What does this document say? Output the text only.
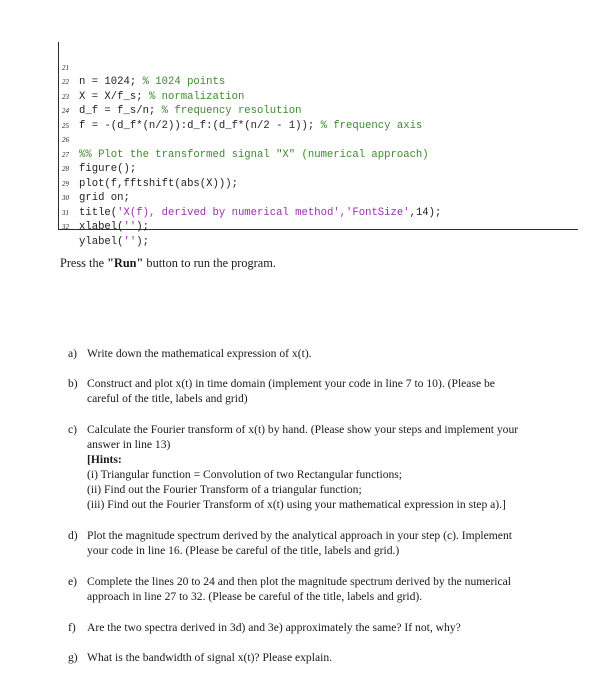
21

n = 1024; % 1024 points

22

X = X/f_s; % normalization

23

d_f = f_s/n; % frequency resolution

24

f = -(d_f*(n/2)):d_f:(d_f*(n/2 - 1)); % frequency axis

25

26

%% Plot the transformed signal "X" (numerical approach)

27

figure();

28

plot(f,fftshift(abs(X)));

29

grid on;

30

title('X(f), derived by numerical method','FontSize',14);

31

xlabel('');

32

ylabel('');

Press the "Run" button to run the program.
a) Write down the mathematical expression of x(t).
b) Construct and plot x(t) in time domain (implement your code in line 7 to 10). (Please be
careful of the title, labels and grid)
c) Calculate the Fourier transform of x(t) by hand. (Please show your steps and implement your
answer in line 13)
[Hints:
(i) Triangular function = Convolution of two Rectangular functions;
(ii) Find out the Fourier Transform of a triangular function;
(iii) Find out the Fourier Transform of x(t) using your mathematical expression in step a).]
d) Plot the magnitude spectrum derived by the analytical approach in your step (c). Implement
your code in line 16. (Please be careful of the title, labels and grid.)
e) Complete the lines 20 to 24 and then plot the magnitude spectrum derived by the numerical
approach in line 27 to 32. (Please be careful of the title, labels and grid).
f) Are the two spectra derived in 3d) and 3e) approximately the same? If not, why?
g) What is the bandwidth of signal x(t)? Please explain.
